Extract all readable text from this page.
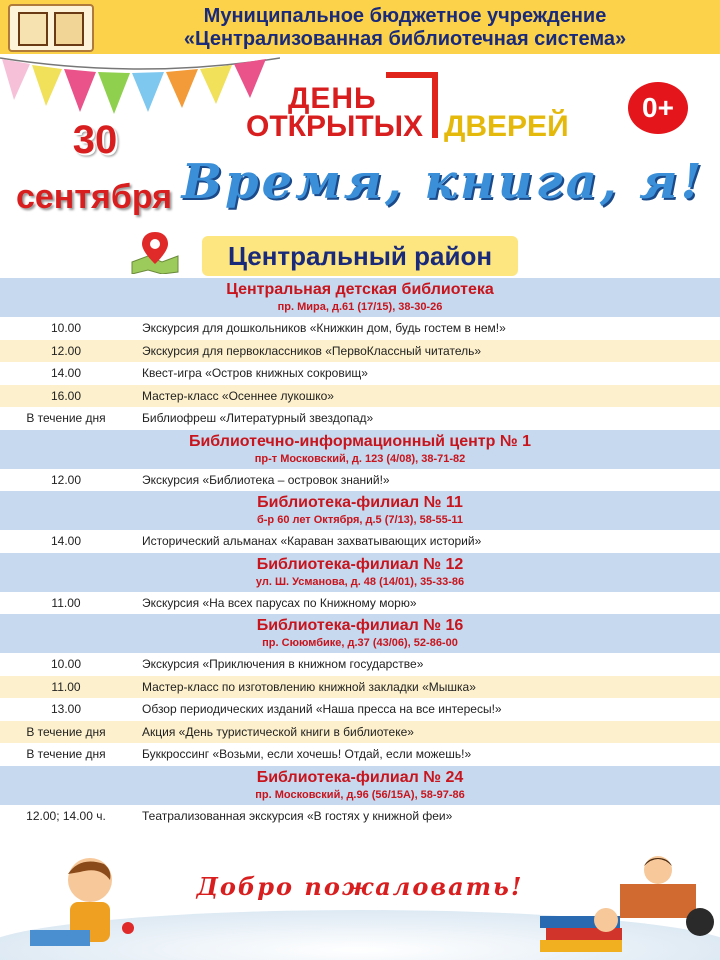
Муниципальное бюджетное учреждение
«Централизованная библиотечная система»
30
сентября
ДЕНЬ
ОТКРЫТЫХ ДВЕРЕЙ
0+
Время, книга, я!
Центральный район
Центральная детская библиотека
пр. Мира, д.61 (17/15), 38-30-26
10.00	Экскурсия для дошкольников «Книжкин дом, будь гостем в нем!»
12.00	Экскурсия для первоклассников «ПервоКлассный читатель»
14.00	Квест-игра «Остров книжных сокровищ»
16.00	Мастер-класс «Осеннее лукошко»
В течение дня	Библиофреш «Литературный звездопад»
Библиотечно-информационный центр № 1
пр-т Московский, д. 123 (4/08), 38-71-82
12.00	Экскурсия «Библиотека – островок знаний!»
Библиотека-филиал № 11
б-р 60 лет Октября, д.5 (7/13), 58-55-11
14.00	Исторический альманах «Караван захватывающих историй»
Библиотека-филиал № 12
ул. Ш. Усманова, д. 48 (14/01), 35-33-86
11.00	Экскурсия «На всех парусах по Книжному морю»
Библиотека-филиал № 16
пр. Сююмбике, д.37 (43/06), 52-86-00
10.00	Экскурсия «Приключения в книжном государстве»
11.00	Мастер-класс по изготовлению книжной закладки «Мышка»
13.00	Обзор периодических изданий «Наша пресса на все интересы!»
В течение дня	Акция «День туристической книги в библиотеке»
В течение дня	Буккроссинг «Возьми, если хочешь! Отдай, если можешь!»
Библиотека-филиал № 24
пр. Московский, д.96 (56/15А), 58-97-86
12.00; 14.00 ч.	Театрализованная экскурсия «В гостях у книжной феи»
Добро пожаловать!
